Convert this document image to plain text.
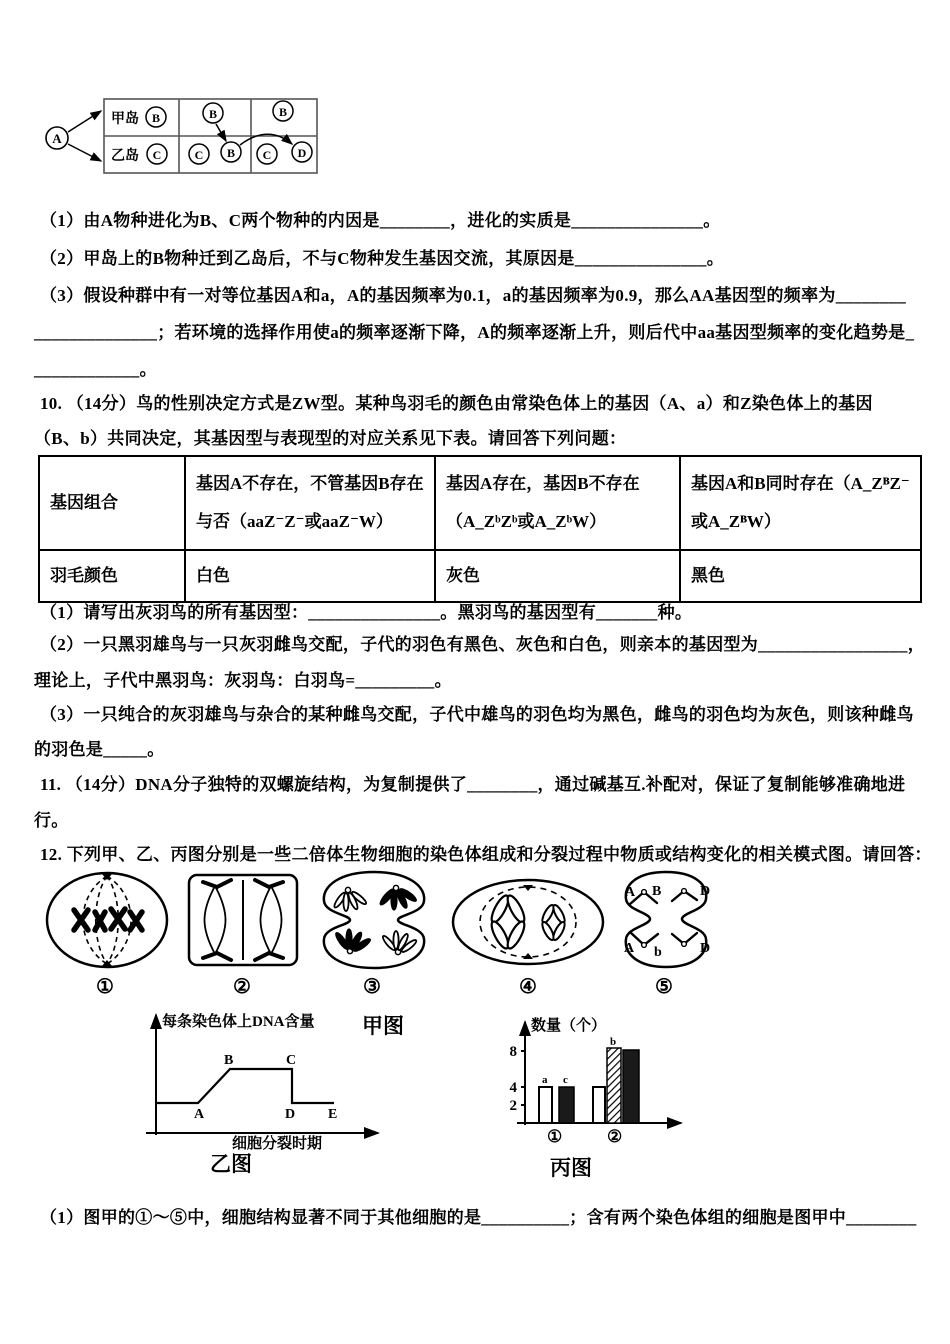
A
甲岛
乙岛
B	B	B
C	C B C D
（1）由A物种进化为B、C两个物种的内因是________，进化的实质是_______________。
（2）甲岛上的B物种迁到乙岛后，不与C物种发生基因交流，其原因是_______________。
（3）假设种群中有一对等位基因A和a，A的基因频率为0.1，a的基因频率为0.9，那么AA基因型的频率为________
______________；若环境的选择作用使a的频率逐渐下降，A的频率逐渐上升，则后代中aa基因型频率的变化趋势是_
____________。
10. （14分）鸟的性别决定方式是ZW型。某种鸟羽毛的颜色由常染色体上的基因（A、a）和Z染色体上的基因
（B、b）共同决定，其基因型与表现型的对应关系见下表。请回答下列问题：
基因组合	基因A不存在，不管基因B存在与否（aaZ⁻Z⁻或aaZ⁻W）	基因A存在，基因B不存在（A_ZᵇZᵇ或A_ZᵇW）	基因A和B同时存在（A_ZᴮZ⁻或A_ZᴮW）
羽毛颜色	白色	灰色	黑色
（1）请写出灰羽鸟的所有基因型：_______________。黑羽鸟的基因型有_______种。
（2）一只黑羽雄鸟与一只灰羽雌鸟交配，子代的羽色有黑色、灰色和白色，则亲本的基因型为_________________，
理论上，子代中黑羽鸟：灰羽鸟：白羽鸟=_________。
（3）一只纯合的灰羽雄鸟与杂合的某种雌鸟交配，子代中雄鸟的羽色均为黑色，雌鸟的羽色均为灰色，则该种雌鸟
的羽色是_____。
11. （14分）DNA分子独特的双螺旋结构，为复制提供了________，通过碱基互.补配对，保证了复制能够准确地进
行。
12. 下列甲、乙、丙图分别是一些二倍体生物细胞的染色体组成和分裂过程中物质或结构变化的相关模式图。请回答：
①	②	③	④
A B	D
A b	D
⑤
甲图
每条染色体上DNA含量
A
B	C
D E
细胞分裂时期
乙图
数量（个）
8
4
2
a c
b
①	②
丙图
（1）图甲的①～⑤中，细胞结构显著不同于其他细胞的是__________；含有两个染色体组的细胞是图甲中________
